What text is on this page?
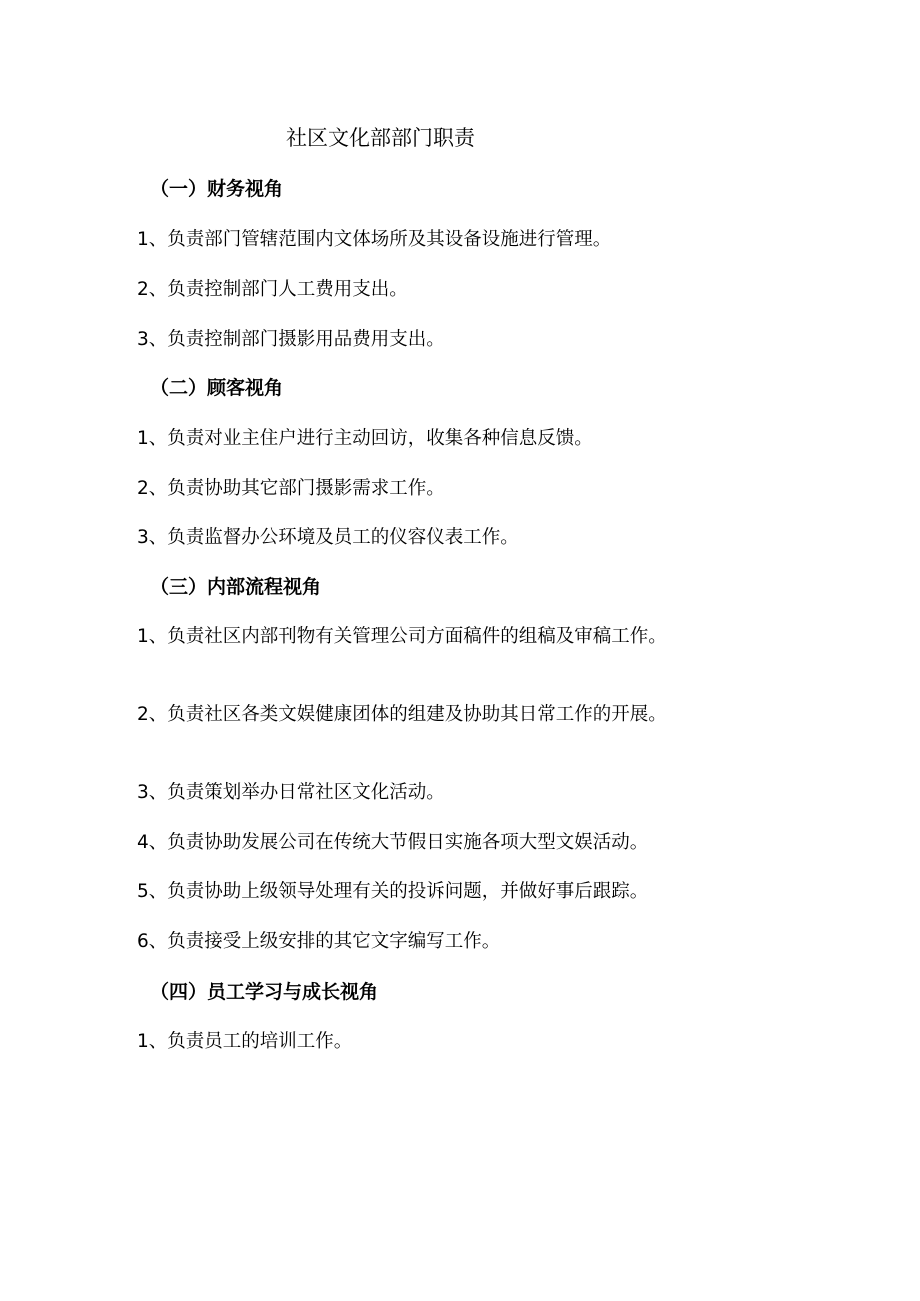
社区文化部部门职责
（一）财务视角
1、负责部门管辖范围内文体场所及其设备设施进行管理。
2、负责控制部门人工费用支出。
3、负责控制部门摄影用品费用支出。
（二）顾客视角
1、负责对业主住户进行主动回访，收集各种信息反馈。
2、负责协助其它部门摄影需求工作。
3、负责监督办公环境及员工的仪容仪表工作。
（三）内部流程视角
1、负责社区内部刊物有关管理公司方面稿件的组稿及审稿工作。
2、负责社区各类文娱健康团体的组建及协助其日常工作的开展。
3、负责策划举办日常社区文化活动。
4、负责协助发展公司在传统大节假日实施各项大型文娱活动。
5、负责协助上级领导处理有关的投诉问题，并做好事后跟踪。
6、负责接受上级安排的其它文字编写工作。
（四）员工学习与成长视角
1、负责员工的培训工作。
